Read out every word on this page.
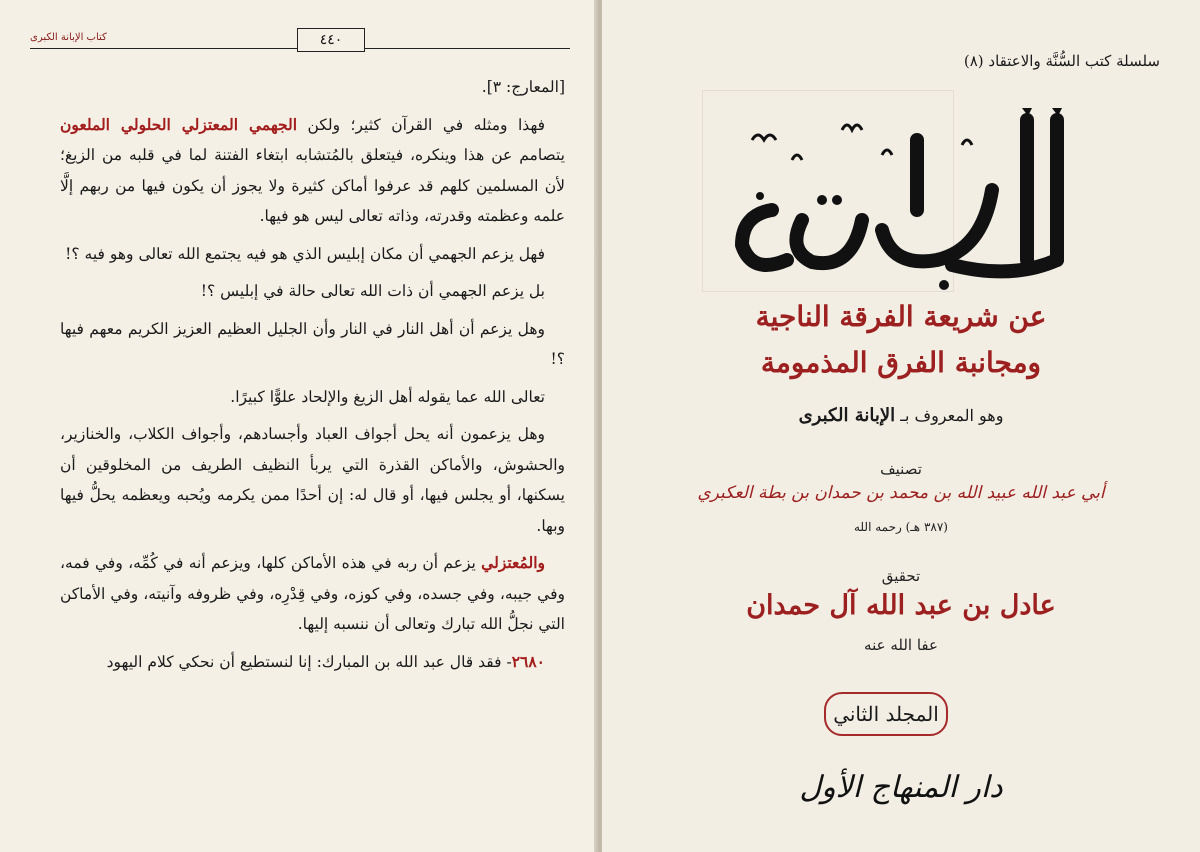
كتاب الإبانة الكبرى	٤٤٠

[المعارج: ٣].

فهذا ومثله في القرآن كثير؛ ولكن الجهمي المعتزلي الحلولي الملعون يتصامم عن هذا وينكره، فيتعلق بالمُتشابه ابتغاء الفتنة لما في قلبه من الزيغ؛ لأن المسلمين كلهم قد عرفوا أماكن كثيرة ولا يجوز أن يكون فيها من ربهم إلَّا علمه وعظمته وقدرته، وذاته تعالى ليس هو فيها.

فهل يزعم الجهمي أن مكان إبليس الذي هو فيه يجتمع الله تعالى وهو فيه ؟!

بل يزعم الجهمي أن ذات الله تعالى حالة في إبليس ؟!

وهل يزعم أن أهل النار في النار وأن الجليل العظيم العزيز الكريم معهم فيها ؟!

تعالى الله عما يقوله أهل الزيغ والإلحاد علوًّا كبيرًا.

وهل يزعمون أنه يحل أجواف العباد وأجسادهم، وأجواف الكلاب، والخنازير، والحشوش، والأماكن القذرة التي يربأ النظيف الطريف من المخلوقين أن يسكنها، أو يجلس فيها، أو قال له: إن أحدًا ممن يكرمه ويُحبه ويعظمه يحلُّ فيها وبها.

والمُعتزلي يزعم أن ربه في هذه الأماكن كلها، ويزعم أنه في كُمِّه، وفي فمه، وفي جيبه، وفي جسده، وفي كوزه، وفي قِدْرِه، وفي ظروفه وآنيته، وفي الأماكن التي نجلُّ الله تبارك وتعالى أن ننسبه إليها.

٢٦٨٠- فقد قال عبد الله بن المبارك: إنا لنستطيع أن نحكي كلام اليهود

سلسلة كتب السُّنَّة والاعتقاد (٨)
عن شريعة الفرقة الناجية
ومجانبة الفرق المذمومة
وهو المعروف بـ الإبانة الكبرى
تصنيف
أبي عبد الله عبيد الله بن محمد بن حمدان بن بطة العكبري
(٣٨٧ هـ) رحمه الله
تحقيق
عادل بن عبد الله آل حمدان
عفا الله عنه
المجلد الثاني
دار المنهاج الأول
